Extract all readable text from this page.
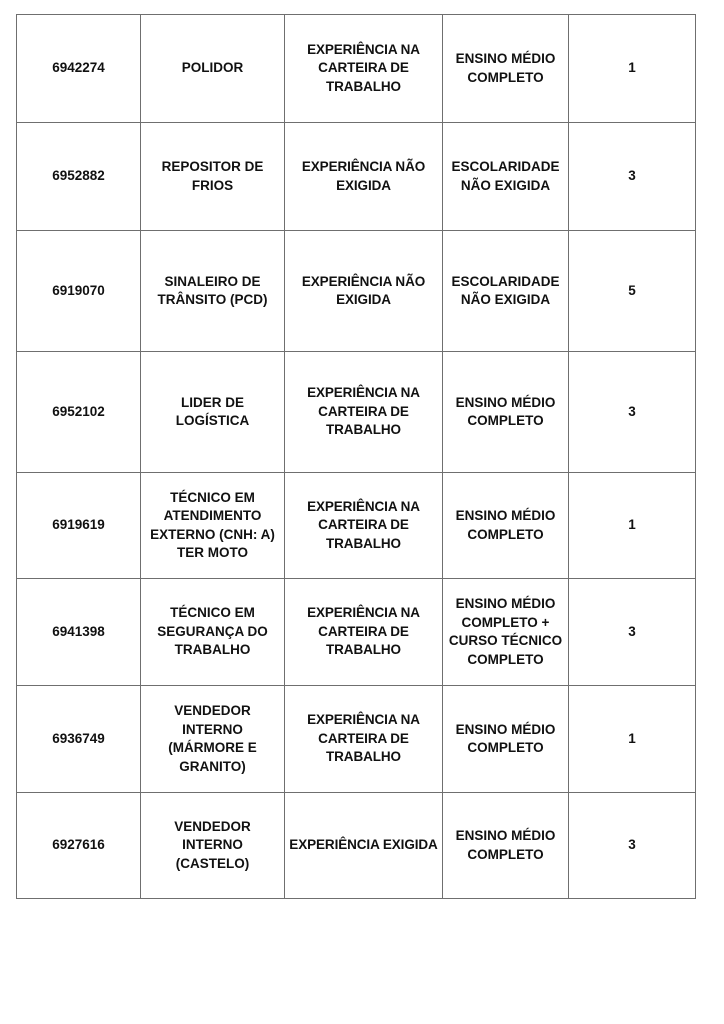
6942274	POLIDOR	EXPERIÊNCIA NA
CARTEIRA DE TRABALHO	ENSINO MÉDIO
COMPLETO	1
6952882	REPOSITOR DE FRIOS	EXPERIÊNCIA NÃO
EXIGIDA	ESCOLARIDADE
NÃO EXIGIDA	3
6919070	SINALEIRO DE
TRÂNSITO (PCD)	EXPERIÊNCIA NÃO
EXIGIDA	ESCOLARIDADE
NÃO EXIGIDA	5
6952102	LIDER DE LOGÍSTICA	EXPERIÊNCIA NA
CARTEIRA DE TRABALHO	ENSINO MÉDIO
COMPLETO	3
6919619	TÉCNICO EM
ATENDIMENTO
EXTERNO (CNH: A)
TER MOTO	EXPERIÊNCIA NA
CARTEIRA DE TRABALHO	ENSINO MÉDIO
COMPLETO	1
6941398	TÉCNICO EM
SEGURANÇA DO
TRABALHO	EXPERIÊNCIA NA
CARTEIRA DE TRABALHO	ENSINO MÉDIO
COMPLETO +
CURSO TÉCNICO
COMPLETO	3
6936749	VENDEDOR INTERNO
(MÁRMORE E
GRANITO)	EXPERIÊNCIA NA
CARTEIRA DE TRABALHO	ENSINO MÉDIO
COMPLETO	1
6927616	VENDEDOR INTERNO
(CASTELO)	EXPERIÊNCIA EXIGIDA	ENSINO MÉDIO
COMPLETO	3
